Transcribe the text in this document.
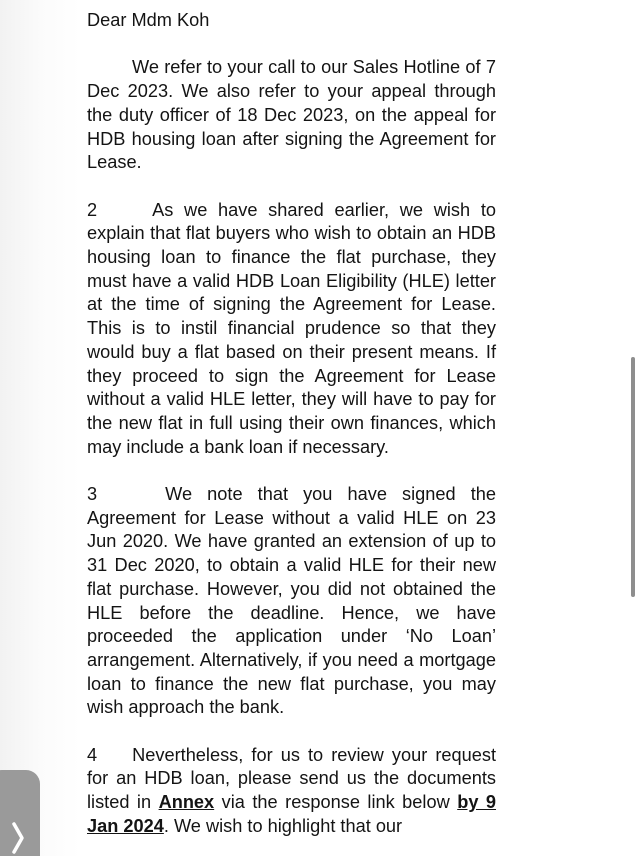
Dear Mdm Koh

We refer to your call to our Sales Hotline of 7 Dec 2023. We also refer to your appeal through the duty officer of 18 Dec 2023, on the appeal for HDB housing loan after signing the Agreement for Lease.

2	As we have shared earlier, we wish to explain that flat buyers who wish to obtain an HDB housing loan to finance the flat purchase, they must have a valid HDB Loan Eligibility (HLE) letter at the time of signing the Agreement for Lease. This is to instil financial prudence so that they would buy a flat based on their present means. If they proceed to sign the Agreement for Lease without a valid HLE letter, they will have to pay for the new flat in full using their own finances, which may include a bank loan if necessary.

3	We note that you have signed the Agreement for Lease without a valid HLE on 23 Jun 2020. We have granted an extension of up to 31 Dec 2020, to obtain a valid HLE for their new flat purchase. However, you did not obtained the HLE before the deadline. Hence, we have proceeded the application under ‘No Loan’ arrangement. Alternatively, if you need a mortgage loan to finance the new flat purchase, you may wish approach the bank.

4 Nevertheless, for us to review your request for an HDB loan, please send us the documents listed in Annex via the response link below by 9 Jan 2024. We wish to highlight that our
